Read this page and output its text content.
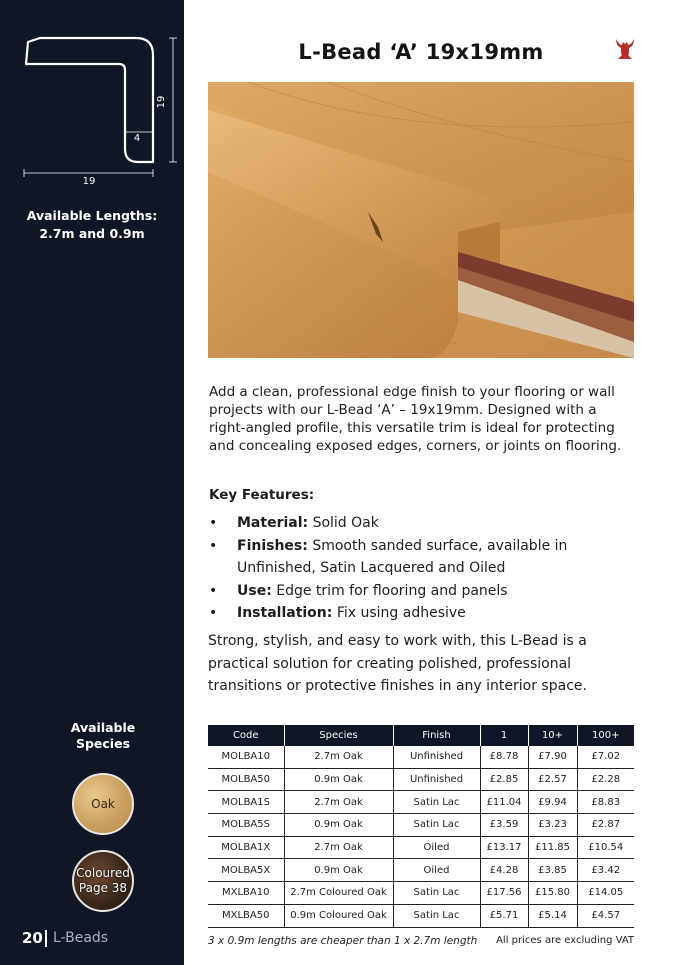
19
19
4
Available Lengths:
2.7m and 0.9m
Available
Species
Oak
Coloured
Page 38
20 L-Beads
L-Bead ‘A’ 19x19mm

Add a clean, professional edge finish to your flooring or wall projects with our L-Bead ‘A’ – 19x19mm. Designed with a right-angled profile, this versatile trim is ideal for protecting and concealing exposed edges, corners, or joints on flooring.

Key Features:
• Material: Solid Oak
• Finishes: Smooth sanded surface, available in Unfinished, Satin Lacquered and Oiled
• Use: Edge trim for flooring and panels
• Installation: Fix using adhesive

Strong, stylish, and easy to work with, this L-Bead is a practical solution for creating polished, professional transitions or protective finishes in any interior space.

Code	Species	Finish	1	10+	100+
MOLBA10	2.7m Oak	Unfinished	£8.78	£7.90	£7.02
MOLBA50	0.9m Oak	Unfinished	£2.85	£2.57	£2.28
MOLBA1S	2.7m Oak	Satin Lac	£11.04	£9.94	£8.83
MOLBA5S	0.9m Oak	Satin Lac	£3.59	£3.23	£2.87
MOLBA1X	2.7m Oak	Oiled	£13.17	£11.85	£10.54
MOLBA5X	0.9m Oak	Oiled	£4.28	£3.85	£3.42
MXLBA10	2.7m Coloured Oak	Satin Lac	£17.56	£15.80	£14.05
MXLBA50	0.9m Coloured Oak	Satin Lac	£5.71	£5.14	£4.57
3 x 0.9m lengths are cheaper than 1 x 2.7m length All prices are excluding VAT
